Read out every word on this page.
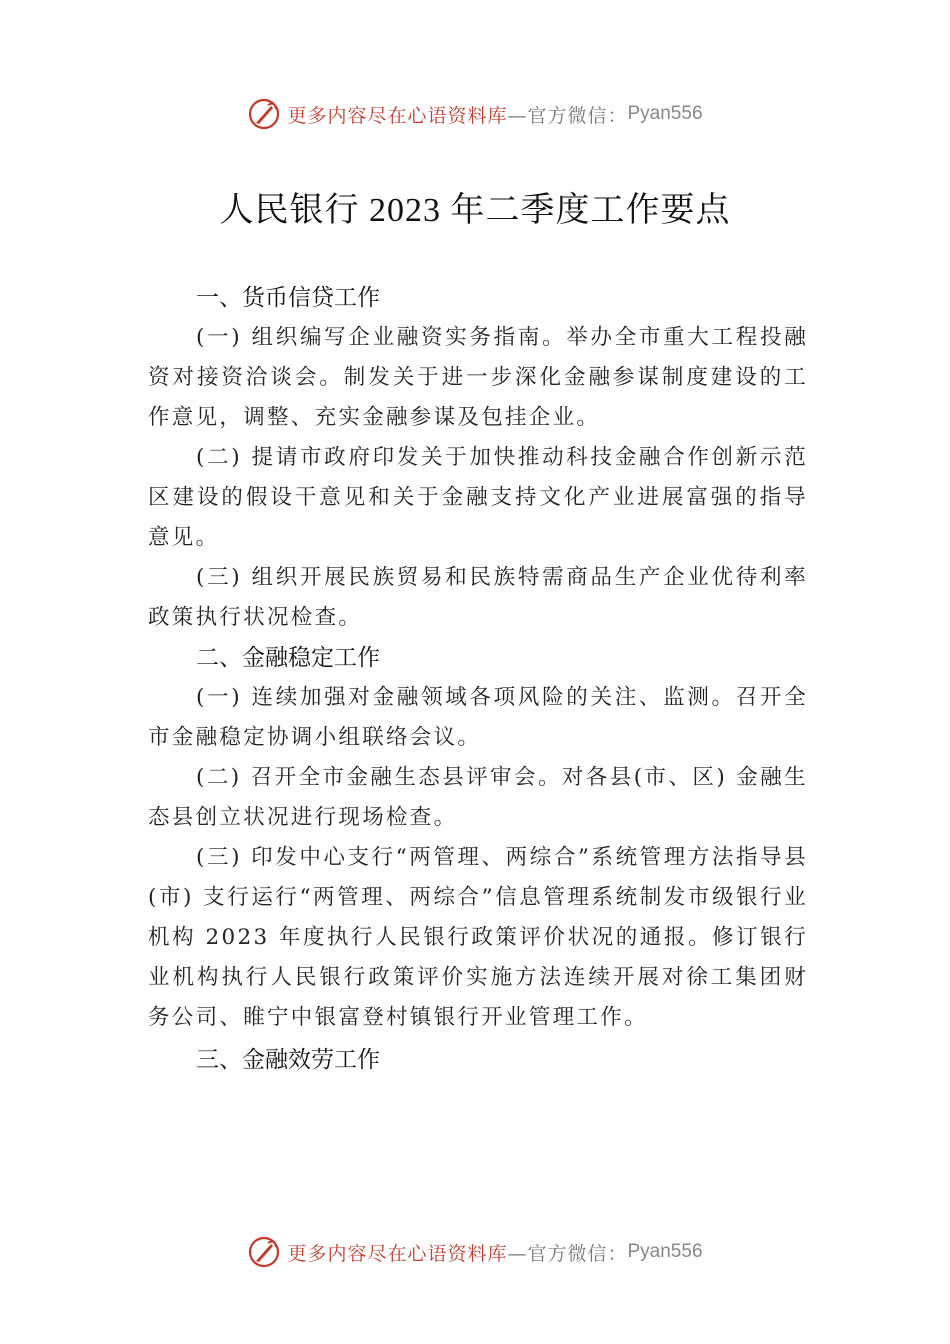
更多内容尽在心语资料库 —官方微信： Pyan556
人民银行 2023 年二季度工作要点
一、货币信贷工作

(一) 组织编写企业融资实务指南。举办全市重大工程投融资对接资洽谈会。制发关于进一步深化金融参谋制度建设的工作意见，调整、充实金融参谋及包挂企业。

(二) 提请市政府印发关于加快推动科技金融合作创新示范区建设的假设干意见和关于金融支持文化产业进展富强的指导意见。

(三) 组织开展民族贸易和民族特需商品生产企业优待利率政策执行状况检查。

二、金融稳定工作

(一) 连续加强对金融领域各项风险的关注、监测。召开全市金融稳定协调小组联络会议。

(二) 召开全市金融生态县评审会。对各县(市、区) 金融生态县创立状况进行现场检查。

(三) 印发中心支行“两管理、两综合”系统管理方法指导县(市) 支行运行“两管理、两综合”信息管理系统制发市级银行业机构 2023 年度执行人民银行政策评价状况的通报。修订银行业机构执行人民银行政策评价实施方法连续开展对徐工集团财务公司、睢宁中银富登村镇银行开业管理工作。

三、金融效劳工作
更多内容尽在心语资料库 —官方微信： Pyan556
